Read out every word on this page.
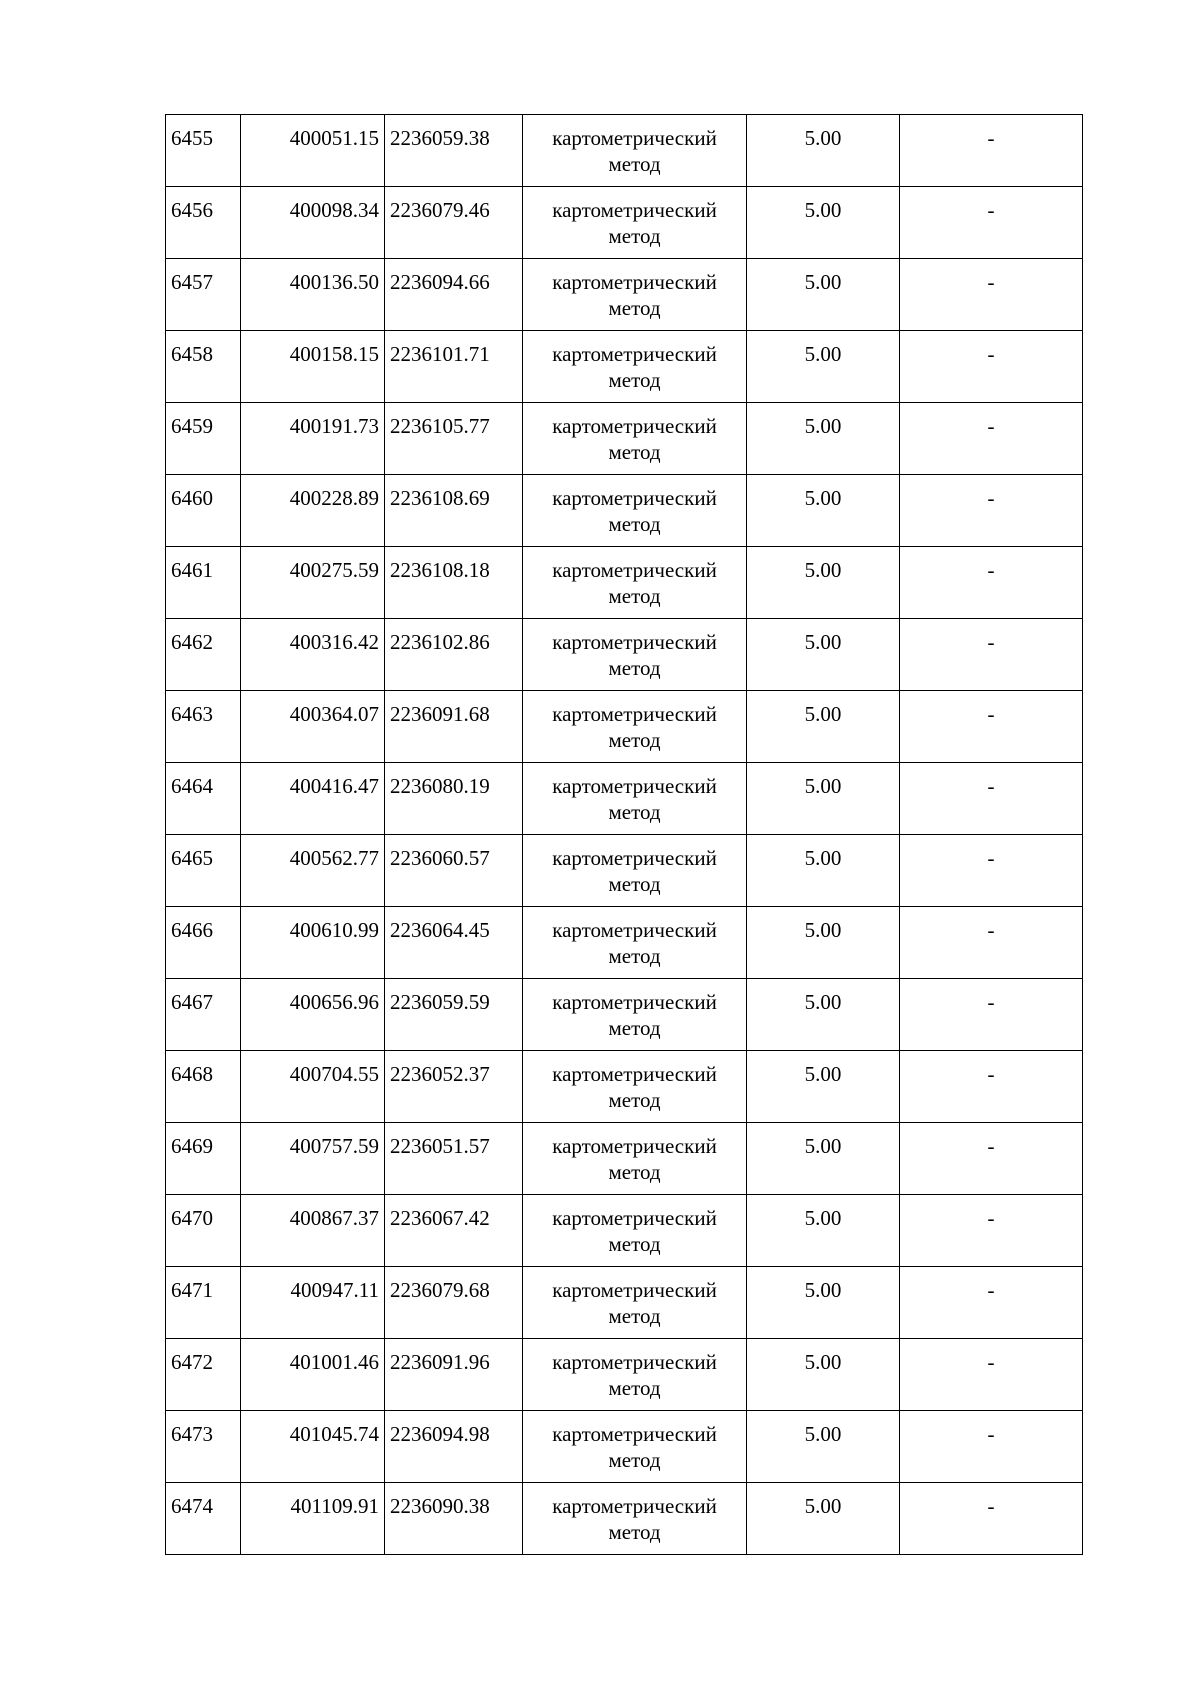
6455	400051.15	2236059.38	картометрический метод	5.00	-
6456	400098.34	2236079.46	картометрический метод	5.00	-
6457	400136.50	2236094.66	картометрический метод	5.00	-
6458	400158.15	2236101.71	картометрический метод	5.00	-
6459	400191.73	2236105.77	картометрический метод	5.00	-
6460	400228.89	2236108.69	картометрический метод	5.00	-
6461	400275.59	2236108.18	картометрический метод	5.00	-
6462	400316.42	2236102.86	картометрический метод	5.00	-
6463	400364.07	2236091.68	картометрический метод	5.00	-
6464	400416.47	2236080.19	картометрический метод	5.00	-
6465	400562.77	2236060.57	картометрический метод	5.00	-
6466	400610.99	2236064.45	картометрический метод	5.00	-
6467	400656.96	2236059.59	картометрический метод	5.00	-
6468	400704.55	2236052.37	картометрический метод	5.00	-
6469	400757.59	2236051.57	картометрический метод	5.00	-
6470	400867.37	2236067.42	картометрический метод	5.00	-
6471	400947.11	2236079.68	картометрический метод	5.00	-
6472	401001.46	2236091.96	картометрический метод	5.00	-
6473	401045.74	2236094.98	картометрический метод	5.00	-
6474	401109.91	2236090.38	картометрический метод	5.00	-
